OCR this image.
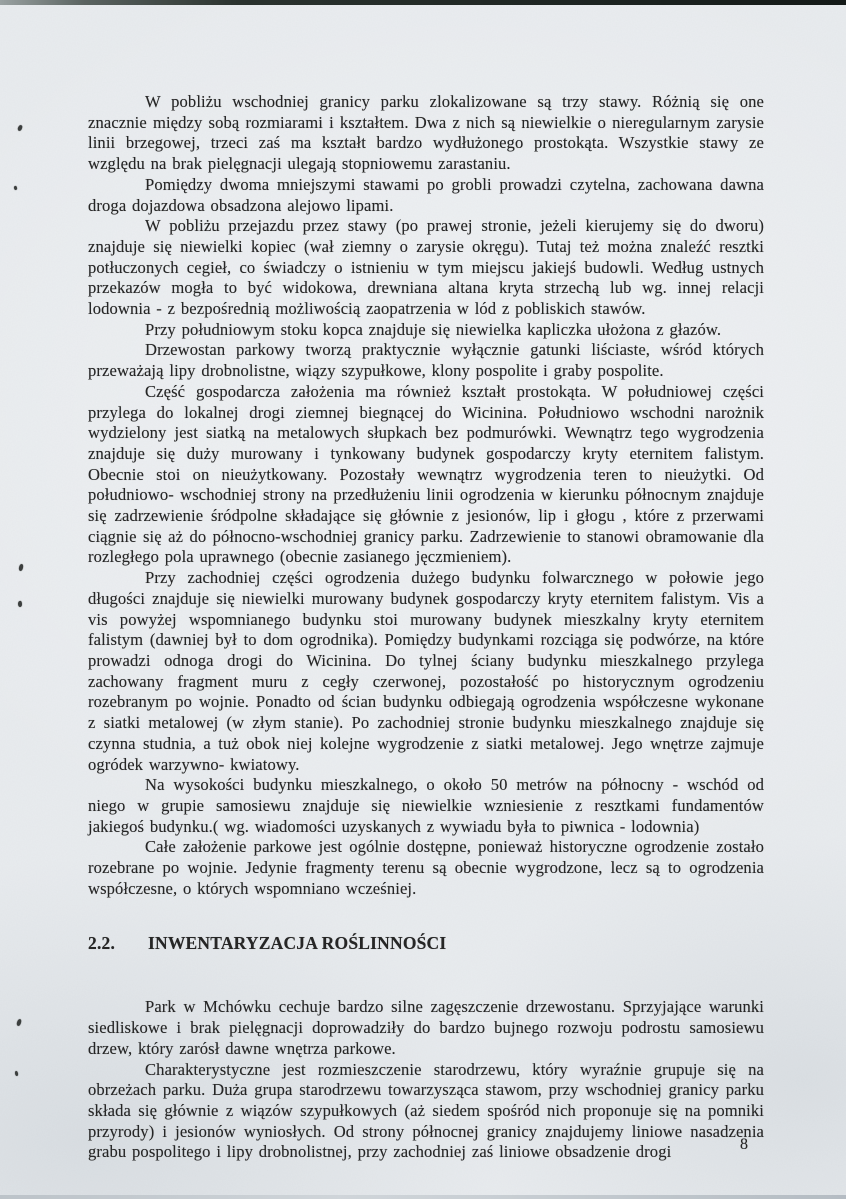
W pobliżu wschodniej granicy parku zlokalizowane są trzy stawy. Różnią się one znacznie między sobą rozmiarami i kształtem. Dwa z nich są niewielkie o nieregularnym zarysie linii brzegowej, trzeci zaś ma kształt bardzo wydłużonego prostokąta. Wszystkie stawy ze względu na brak pielęgnacji ulegają stopniowemu zarastaniu.

Pomiędzy dwoma mniejszymi stawami po grobli prowadzi czytelna, zachowana dawna droga dojazdowa obsadzona alejowo lipami.

W pobliżu przejazdu przez stawy (po prawej stronie, jeżeli kierujemy się do dworu) znajduje się niewielki kopiec (wał ziemny o zarysie okręgu). Tutaj też można znaleźć resztki potłuczonych cegieł, co świadczy o istnieniu w tym miejscu jakiejś budowli. Według ustnych przekazów mogła to być widokowa, drewniana altana kryta strzechą lub wg. innej relacji lodownia - z bezpośrednią możliwością zaopatrzenia w lód z pobliskich stawów.

Przy południowym stoku kopca znajduje się niewielka kapliczka ułożona z głazów.

Drzewostan parkowy tworzą praktycznie wyłącznie gatunki liściaste, wśród których przeważają lipy drobnolistne, wiązy szypułkowe, klony pospolite i graby pospolite.

Część gospodarcza założenia ma również kształt prostokąta. W południowej części przylega do lokalnej drogi ziemnej biegnącej do Wicinina. Południowo wschodni narożnik wydzielony jest siatką na metalowych słupkach bez podmurówki. Wewnątrz tego wygrodzenia znajduje się duży murowany i tynkowany budynek gospodarczy kryty eternitem falistym. Obecnie stoi on nieużytkowany. Pozostały wewnątrz wygrodzenia teren to nieużytki. Od południowo- wschodniej strony na przedłużeniu linii ogrodzenia w kierunku północnym znajduje się zadrzewienie śródpolne składające się głównie z jesionów, lip i głogu , które z przerwami ciągnie się aż do północno-wschodniej granicy parku. Zadrzewienie to stanowi obramowanie dla rozległego pola uprawnego (obecnie zasianego jęczmieniem).

Przy zachodniej części ogrodzenia dużego budynku folwarcznego w połowie jego długości znajduje się niewielki murowany budynek gospodarczy kryty eternitem falistym. Vis a vis powyżej wspomnianego budynku stoi murowany budynek mieszkalny kryty eternitem falistym (dawniej był to dom ogrodnika). Pomiędzy budynkami rozciąga się podwórze, na które prowadzi odnoga drogi do Wicinina. Do tylnej ściany budynku mieszkalnego przylega zachowany fragment muru z cegły czerwonej, pozostałość po historycznym ogrodzeniu rozebranym po wojnie. Ponadto od ścian budynku odbiegają ogrodzenia współczesne wykonane z siatki metalowej (w złym stanie). Po zachodniej stronie budynku mieszkalnego znajduje się czynna studnia, a tuż obok niej kolejne wygrodzenie z siatki metalowej. Jego wnętrze zajmuje ogródek warzywno- kwiatowy.

Na wysokości budynku mieszkalnego, o około 50 metrów na północny - wschód od niego w grupie samosiewu znajduje się niewielkie wzniesienie z resztkami fundamentów jakiegoś budynku.( wg. wiadomości uzyskanych z wywiadu była to piwnica - lodownia)

Całe założenie parkowe jest ogólnie dostępne, ponieważ historyczne ogrodzenie zostało rozebrane po wojnie. Jedynie fragmenty terenu są obecnie wygrodzone, lecz są to ogrodzenia współczesne, o których wspomniano wcześniej.

2.2. INWENTARYZACJA ROŚLINNOŚCI

Park w Mchówku cechuje bardzo silne zagęszczenie drzewostanu. Sprzyjające warunki siedliskowe i brak pielęgnacji doprowadziły do bardzo bujnego rozwoju podrostu samosiewu drzew, który zarósł dawne wnętrza parkowe.

Charakterystyczne jest rozmieszczenie starodrzewu, który wyraźnie grupuje się na obrzeżach parku. Duża grupa starodrzewu towarzysząca stawom, przy wschodniej granicy parku składa się głównie z wiązów szypułkowych (aż siedem spośród nich proponuje się na pomniki przyrody) i jesionów wyniosłych. Od strony północnej granicy znajdujemy liniowe nasadzenia grabu pospolitego i lipy drobnolistnej, przy zachodniej zaś liniowe obsadzenie drogi	8
